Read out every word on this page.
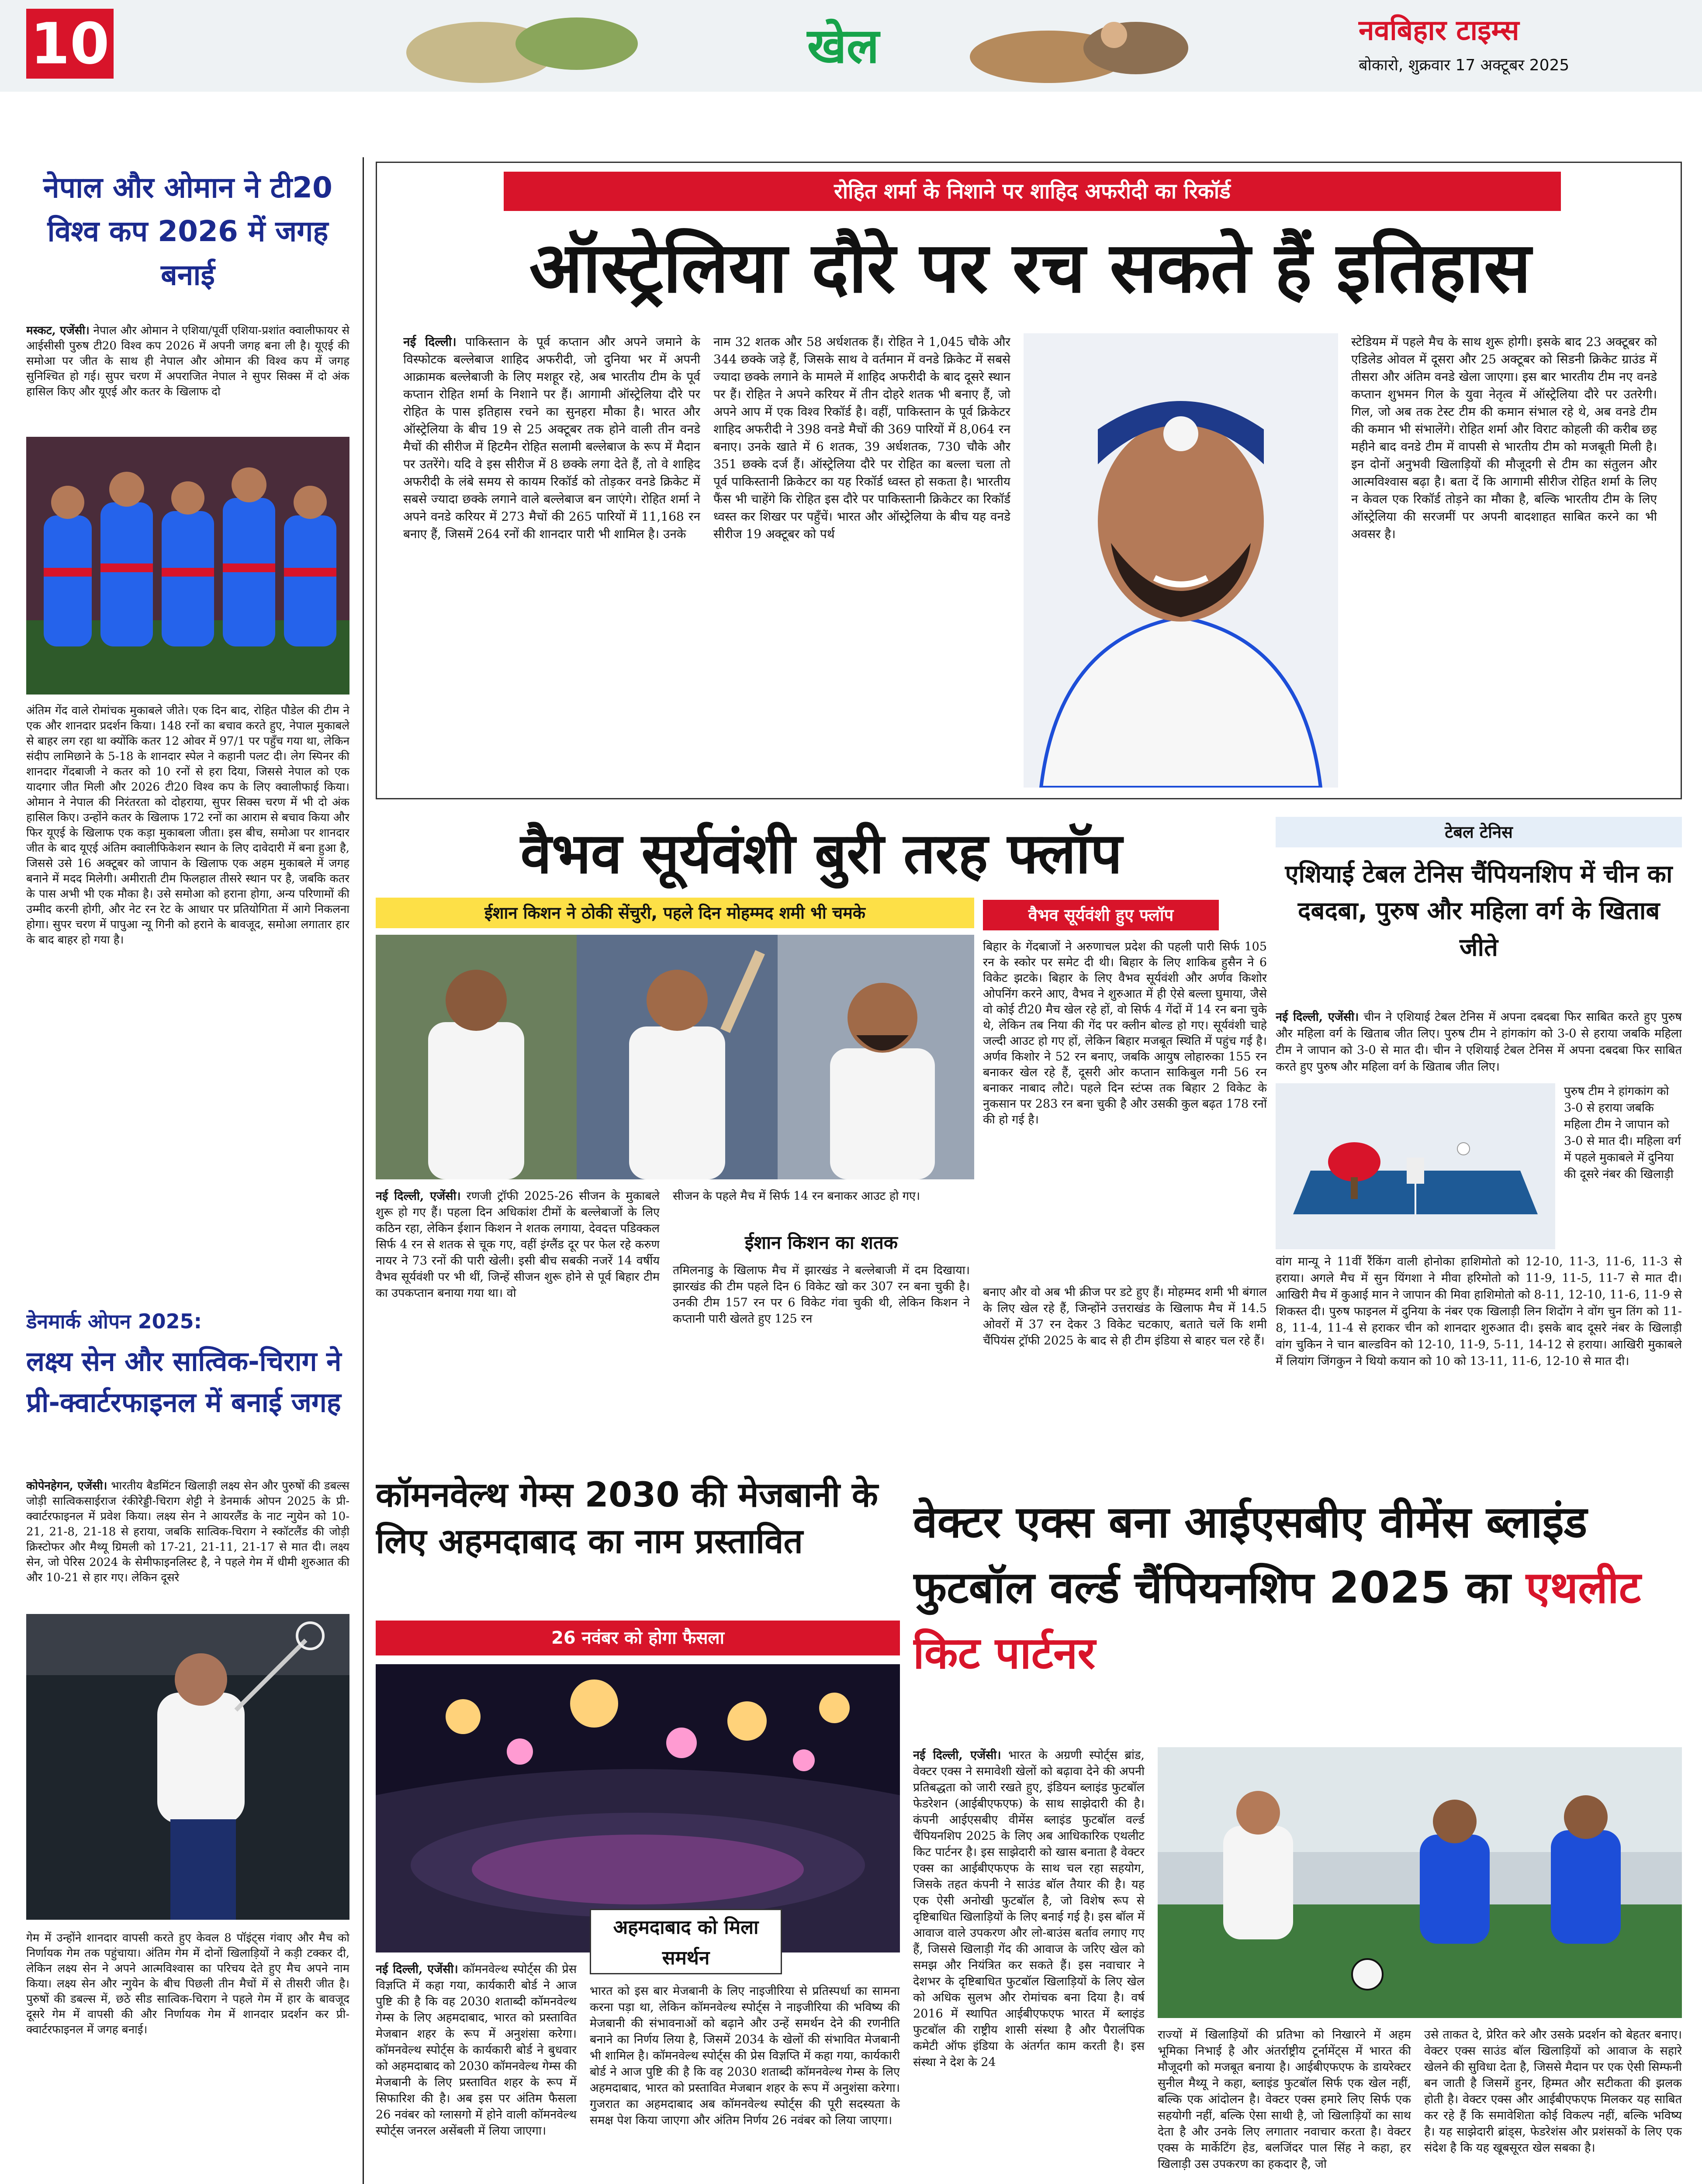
10	खेल	नवबिहार टाइम्स
बोकारो, शुक्रवार 17 अक्टूबर 2025
नेपाल और ओमान ने टी20 विश्व कप 2026 में जगह बनाई

मस्कट, एजेंसी। नेपाल और ओमान ने एशिया/पूर्वी एशिया-प्रशांत क्वालीफायर से आईसीसी पुरुष टी20 विश्व कप 2026 में अपनी जगह बना ली है। यूएई की समोआ पर जीत के साथ ही नेपाल और ओमान की विश्व कप में जगह सुनिश्चित हो गई। सुपर चरण में अपराजित नेपाल ने सुपर सिक्स में दो अंक हासिल किए और यूएई और कतर के खिलाफ दो

अंतिम गेंद वाले रोमांचक मुकाबले जीते। एक दिन बाद, रोहित पौडेल की टीम ने एक और शानदार प्रदर्शन किया। 148 रनों का बचाव करते हुए, नेपाल मुकाबले से बाहर लग रहा था क्योंकि कतर 12 ओवर में 97/1 पर पहुँच गया था, लेकिन संदीप लामिछाने के 5-18 के शानदार स्पेल ने कहानी पलट दी। लेग स्पिनर की शानदार गेंदबाजी ने कतर को 10 रनों से हरा दिया, जिससे नेपाल को एक यादगार जीत मिली और 2026 टी20 विश्व कप के लिए क्वालीफाई किया। ओमान ने नेपाल की निरंतरता को दोहराया, सुपर सिक्स चरण में भी दो अंक हासिल किए। उन्होंने कतर के खिलाफ 172 रनों का आराम से बचाव किया और फिर यूएई के खिलाफ एक कड़ा मुकाबला जीता। इस बीच, समोआ पर शानदार जीत के बाद यूएई अंतिम क्वालीफिकेशन स्थान के लिए दावेदारी में बना हुआ है, जिससे उसे 16 अक्टूबर को जापान के खिलाफ एक अहम मुकाबले में जगह बनाने में मदद मिलेगी। अमीराती टीम फिलहाल तीसरे स्थान पर है, जबकि कतर के पास अभी भी एक मौका है। उसे समोआ को हराना होगा, अन्य परिणामों की उम्मीद करनी होगी, और नेट रन रेट के आधार पर प्रतियोगिता में आगे निकलना होगा। सुपर चरण में पापुआ न्यू गिनी को हराने के बावजूद, समोआ लगातार हार के बाद बाहर हो गया है।

डेनमार्क ओपन 2025:
लक्ष्य सेन और सात्विक-चिराग ने प्री-क्वार्टरफाइनल में बनाई जगह

कोपेनहेगन, एजेंसी। भारतीय बैडमिंटन खिलाड़ी लक्ष्य सेन और पुरुषों की डबल्स जोड़ी सात्विकसाईराज रंकीरेड्डी-चिराग शेट्टी ने डेनमार्क ओपन 2025 के प्री-क्वार्टरफाइनल में प्रवेश किया। लक्ष्य सेन ने आयरलैंड के नाट न्गुयेन को 10-21, 21-8, 21-18 से हराया, जबकि सात्विक-चिराग ने स्कॉटलैंड की जोड़ी क्रिस्टोफर और मैथ्यू ग्रिमली को 17-21, 21-11, 21-17 से मात दी। लक्ष्य सेन, जो पेरिस 2024 के सेमीफाइनलिस्ट है, ने पहले गेम में धीमी शुरुआत की और 10-21 से हार गए। लेकिन दूसरे

गेम में उन्होंने शानदार वापसी करते हुए केवल 8 पॉइंट्स गंवाए और मैच को निर्णायक गेम तक पहुंचाया। अंतिम गेम में दोनों खिलाड़ियों ने कड़ी टक्कर दी, लेकिन लक्ष्य सेन ने अपने आत्मविश्वास का परिचय देते हुए मैच अपने नाम किया। लक्ष्य सेन और न्गुयेन के बीच पिछली तीन मैचों में से तीसरी जीत है। पुरुषों की डबल्स में, छठे सीड सात्विक-चिराग ने पहले गेम में हार के बावजूद दूसरे गेम में वापसी की और निर्णायक गेम में शानदार प्रदर्शन कर प्री-क्वार्टरफाइनल में जगह बनाई।

रोहित शर्मा के निशाने पर शाहिद अफरीदी का रिकॉर्ड
ऑस्ट्रेलिया दौरे पर रच सकते हैं इतिहास

नई दिल्ली। पाकिस्तान के पूर्व कप्तान और अपने जमाने के विस्फोटक बल्लेबाज शाहिद अफरीदी, जो दुनिया भर में अपनी आक्रामक बल्लेबाजी के लिए मशहूर रहे, अब भारतीय टीम के पूर्व कप्तान रोहित शर्मा के निशाने पर हैं। आगामी ऑस्ट्रेलिया दौरे पर रोहित के पास इतिहास रचने का सुनहरा मौका है। भारत और ऑस्ट्रेलिया के बीच 19 से 25 अक्टूबर तक होने वाली तीन वनडे मैचों की सीरीज में हिटमैन रोहित सलामी बल्लेबाज के रूप में मैदान पर उतरेंगे। यदि वे इस सीरीज में 8 छक्के लगा देते हैं, तो वे शाहिद अफरीदी के लंबे समय से कायम रिकॉर्ड को तोड़कर वनडे क्रिकेट में सबसे ज्यादा छक्के लगाने वाले बल्लेबाज बन जाएंगे। रोहित शर्मा ने अपने वनडे करियर में 273 मैचों की 265 पारियों में 11,168 रन बनाए हैं, जिसमें 264 रनों की शानदार पारी भी शामिल है। उनके

नाम 32 शतक और 58 अर्धशतक हैं। रोहित ने 1,045 चौके और 344 छक्के जड़े हैं, जिसके साथ वे वर्तमान में वनडे क्रिकेट में सबसे ज्यादा छक्के लगाने के मामले में शाहिद अफरीदी के बाद दूसरे स्थान पर हैं। रोहित ने अपने करियर में तीन दोहरे शतक भी बनाए हैं, जो अपने आप में एक विश्व रिकॉर्ड है। वहीं, पाकिस्तान के पूर्व क्रिकेटर शाहिद अफरीदी ने 398 वनडे मैचों की 369 पारियों में 8,064 रन बनाए। उनके खाते में 6 शतक, 39 अर्धशतक, 730 चौके और 351 छक्के दर्ज हैं। ऑस्ट्रेलिया दौरे पर रोहित का बल्ला चला तो पूर्व पाकिस्तानी क्रिकेटर का यह रिकॉर्ड ध्वस्त हो सकता है। भारतीय फैंस भी चाहेंगे कि रोहित इस दौरे पर पाकिस्तानी क्रिकेटर का रिकॉर्ड ध्वस्त कर शिखर पर पहुँचें। भारत और ऑस्ट्रेलिया के बीच यह वनडे सीरीज 19 अक्टूबर को पर्थ

स्टेडियम में पहले मैच के साथ शुरू होगी। इसके बाद 23 अक्टूबर को एडिलेड ओवल में दूसरा और 25 अक्टूबर को सिडनी क्रिकेट ग्राउंड में तीसरा और अंतिम वनडे खेला जाएगा। इस बार भारतीय टीम नए वनडे कप्तान शुभमन गिल के युवा नेतृत्व में ऑस्ट्रेलिया दौरे पर उतरेगी। गिल, जो अब तक टेस्ट टीम की कमान संभाल रहे थे, अब वनडे टीम की कमान भी संभालेंगे। रोहित शर्मा और विराट कोहली की करीब छह महीने बाद वनडे टीम में वापसी से भारतीय टीम को मजबूती मिली है। इन दोनों अनुभवी खिलाड़ियों की मौजूदगी से टीम का संतुलन और आत्मविश्वास बढ़ा है। बता दें कि आगामी सीरीज रोहित शर्मा के लिए न केवल एक रिकॉर्ड तोड़ने का मौका है, बल्कि भारतीय टीम के लिए ऑस्ट्रेलिया की सरजमीं पर अपनी बादशाहत साबित करने का भी अवसर है।

वैभव सूर्यवंशी बुरी तरह फ्लॉप
ईशान किशन ने ठोकी सेंचुरी, पहले दिन मोहम्मद शमी भी चमके	वैभव सूर्यवंशी हुए फ्लॉप

बिहार के गेंदबाजों ने अरुणाचल प्रदेश की पहली पारी सिर्फ 105 रन के स्कोर पर समेट दी थी। बिहार के लिए शाकिब हुसैन ने 6 विकेट झटके। बिहार के लिए वैभव सूर्यवंशी और अर्णव किशोर ओपनिंग करने आए, वैभव ने शुरुआत में ही ऐसे बल्ला घुमाया, जैसे वो कोई टी20 मैच खेल रहे हों, वो सिर्फ 4 गेंदों में 14 रन बना चुके थे, लेकिन तब निया की गेंद पर क्लीन बोल्ड हो गए। सूर्यवंशी चाहे जल्दी आउट हो गए हों, लेकिन बिहार मजबूत स्थिति में पहुंच गई है। अर्णव किशोर ने 52 रन बनाए, जबकि आयुष लोहारुका 155 रन बनाकर खेल रहे हैं, दूसरी ओर कप्तान साकिबुल गनी 56 रन बनाकर नाबाद लौटे। पहले दिन स्टंप्स तक बिहार 2 विकेट के नुकसान पर 283 रन बना चुकी है और उसकी कुल बढ़त 178 रनों की हो गई है।

नई दिल्ली, एजेंसी। रणजी ट्रॉफी 2025-26 सीजन के मुकाबले शुरू हो गए हैं। पहला दिन अधिकांश टीमों के बल्लेबाजों के लिए कठिन रहा, लेकिन ईशान किशन ने शतक लगाया, देवदत्त पडिक्कल सिर्फ 4 रन से शतक से चूक गए, वहीं इंग्लैंड दूर पर फेल रहे करुण नायर ने 73 रनों की पारी खेली। इसी बीच सबकी नजरें 14 वर्षीय वैभव सूर्यवंशी पर भी थीं, जिन्हें सीजन शुरू होने से पूर्व बिहार टीम का उपकप्तान बनाया गया था। वो

सीजन के पहले मैच में सिर्फ 14 रन बनाकर आउट हो गए।

ईशान किशन का शतक

तमिलनाडु के खिलाफ मैच में झारखंड ने बल्लेबाजी में दम दिखाया। झारखंड की टीम पहले दिन 6 विकेट खो कर 307 रन बना चुकी है। उनकी टीम 157 रन पर 6 विकेट गंवा चुकी थी, लेकिन किशन ने कप्तानी पारी खेलते हुए 125 रन

बनाए और वो अब भी क्रीज पर डटे हुए हैं। मोहम्मद शमी भी बंगाल के लिए खेल रहे हैं, जिन्होंने उत्तराखंड के खिलाफ मैच में 14.5 ओवरों में 37 रन देकर 3 विकेट चटकाए, बताते चलें कि शमी चैंपियंस ट्रॉफी 2025 के बाद से ही टीम इंडिया से बाहर चल रहे हैं।

टेबल टेनिस
एशियाई टेबल टेनिस चैंपियनशिप में चीन का दबदबा, पुरुष और महिला वर्ग के खिताब जीते

नई दिल्ली, एजेंसी। चीन ने एशियाई टेबल टेनिस में अपना दबदबा फिर साबित करते हुए पुरुष और महिला वर्ग के खिताब जीत लिए। पुरुष टीम ने हांगकांग को 3-0 से हराया जबकि महिला टीम ने जापान को 3-0 से मात दी। चीन ने एशियाई टेबल टेनिस में अपना दबदबा फिर साबित करते हुए पुरुष और महिला वर्ग के खिताब जीत लिए।

पुरुष टीम ने हांगकांग को 3-0 से हराया जबकि महिला टीम ने जापान को 3-0 से मात दी। महिला वर्ग में पहले मुकाबले में दुनिया की दूसरे नंबर की खिलाड़ी

वांग मान्यू ने 11वीं रैंकिंग वाली होनोका हाशिमोतो को 12-10, 11-3, 11-6, 11-3 से हराया। अगले मैच में सुन यिंगशा ने मीवा हरिमोतो को 11-9, 11-5, 11-7 से मात दी। आखिरी मैच में कुआई मान ने जापान की मिवा हाशिमोतो को 8-11, 12-10, 11-6, 11-9 से शिकस्त दी। पुरुष फाइनल में दुनिया के नंबर एक खिलाड़ी लिन शिदोंग ने वोंग चुन तिंग को 11-8, 11-4, 11-4 से हराकर चीन को शानदार शुरुआत दी। इसके बाद दूसरे नंबर के खिलाड़ी वांग चुकिन ने चान बाल्डविन को 12-10, 11-9, 5-11, 14-12 से हराया। आखिरी मुकाबले में लियांग जिंगकुन ने थियो कयान को 10 को 13-11, 11-6, 12-10 से मात दी।

कॉमनवेल्थ गेम्स 2030 की मेजबानी के लिए अहमदाबाद का नाम प्रस्तावित
26 नवंबर को होगा फैसला

नई दिल्ली, एजेंसी। कॉमनवेल्थ स्पोर्ट्स की प्रेस विज्ञप्ति में कहा गया, कार्यकारी बोर्ड ने आज पुष्टि की है कि वह 2030 शताब्दी कॉमनवेल्थ गेम्स के लिए अहमदाबाद, भारत को प्रस्तावित मेजबान शहर के रूप में अनुशंसा करेगा। कॉमनवेल्थ स्पोर्ट्स के कार्यकारी बोर्ड ने बुधवार को अहमदाबाद को 2030 कॉमनवेल्थ गेम्स की मेजबानी के लिए प्रस्तावित शहर के रूप में सिफारिश की है। अब इस पर अंतिम फैसला 26 नवंबर को ग्लासगो में होने वाली कॉमनवेल्थ स्पोर्ट्स जनरल असेंबली में लिया जाएगा।

अहमदाबाद को मिला समर्थन

भारत को इस बार मेजबानी के लिए नाइजीरिया से प्रतिस्पर्धा का सामना करना पड़ा था, लेकिन कॉमनवेल्थ स्पोर्ट्स ने नाइजीरिया की भविष्य की मेजबानी की संभावनाओं को बढ़ाने और उन्हें समर्थन देने की रणनीति बनाने का निर्णय लिया है, जिसमें 2034 के खेलों की संभावित मेजबानी भी शामिल है। कॉमनवेल्थ स्पोर्ट्स की प्रेस विज्ञप्ति में कहा गया, कार्यकारी बोर्ड ने आज पुष्टि की है कि वह 2030 शताब्दी कॉमनवेल्थ गेम्स के लिए अहमदाबाद, भारत को प्रस्तावित मेजबान शहर के रूप में अनुशंसा करेगा। गुजरात का अहमदाबाद अब कॉमनवेल्थ स्पोर्ट्स की पूरी सदस्यता के समक्ष पेश किया जाएगा और अंतिम निर्णय 26 नवंबर को लिया जाएगा।

वेक्टर एक्स बना आईएसबीए वीमेंस ब्लाइंड फुटबॉल वर्ल्ड चैंपियनशिप 2025 का एथलीट किट पार्टनर

नई दिल्ली, एजेंसी। भारत के अग्रणी स्पोर्ट्स ब्रांड, वेक्टर एक्स ने समावेशी खेलों को बढ़ावा देने की अपनी प्रतिबद्धता को जारी रखते हुए, इंडियन ब्लाइंड फुटबॉल फेडरेशन (आईबीएफएफ) के साथ साझेदारी की है। कंपनी आईएसबीए वीमेंस ब्लाइंड फुटबॉल वर्ल्ड चैंपियनशिप 2025 के लिए अब आधिकारिक एथलीट किट पार्टनर है। इस साझेदारी को खास बनाता है वेक्टर एक्स का आईबीएफएफ के साथ चल रहा सहयोग, जिसके तहत कंपनी ने साउंड बॉल तैयार की है। यह एक ऐसी अनोखी फुटबॉल है, जो विशेष रूप से दृष्टिबाधित खिलाड़ियों के लिए बनाई गई है। इस बॉल में आवाज वाले उपकरण और लो-बाउंस बर्ताव लगाए गए हैं, जिससे खिलाड़ी गेंद की आवाज के जरिए खेल को समझ और नियंत्रित कर सकते हैं। इस नवाचार ने देशभर के दृष्टिबाधित फुटबॉल खिलाड़ियों के लिए खेल को अधिक सुलभ और रोमांचक बना दिया है। वर्ष 2016 में स्थापित आईबीएफएफ भारत में ब्लाइंड फुटबॉल की राष्ट्रीय शासी संस्था है और पैरालंपिक कमेटी ऑफ इंडिया के अंतर्गत काम करती है। इस संस्था ने देश के 24

राज्यों में खिलाड़ियों की प्रतिभा को निखारने में अहम भूमिका निभाई है और अंतर्राष्ट्रीय टूर्नामेंट्स में भारत की मौजूदगी को मजबूत बनाया है। आईबीएफएफ के डायरेक्टर सुनील मैथ्यू ने कहा, ब्लाइंड फुटबॉल सिर्फ एक खेल नहीं, बल्कि एक आंदोलन है। वेक्टर एक्स हमारे लिए सिर्फ एक सहयोगी नहीं, बल्कि ऐसा साथी है, जो खिलाड़ियों का साथ देता है और उनके लिए लगातार नवाचार करता है। वेक्टर एक्स के मार्केटिंग हेड, बलजिंदर पाल सिंह ने कहा, हर खिलाड़ी उस उपकरण का हकदार है, जो

उसे ताकत दे, प्रेरित करे और उसके प्रदर्शन को बेहतर बनाए। वेक्टर एक्स साउंड बॉल खिलाड़ियों को आवाज के सहारे खेलने की सुविधा देता है, जिससे मैदान पर एक ऐसी सिम्फनी बन जाती है जिसमें हुनर, हिम्मत और सटीकता की झलक होती है। वेक्टर एक्स और आईबीएफएफ मिलकर यह साबित कर रहे हैं कि समावेशिता कोई विकल्प नहीं, बल्कि भविष्य है। यह साझेदारी ब्रांड्स, फेडरेशंस और प्रशंसकों के लिए एक संदेश है कि यह खूबसूरत खेल सबका है।
